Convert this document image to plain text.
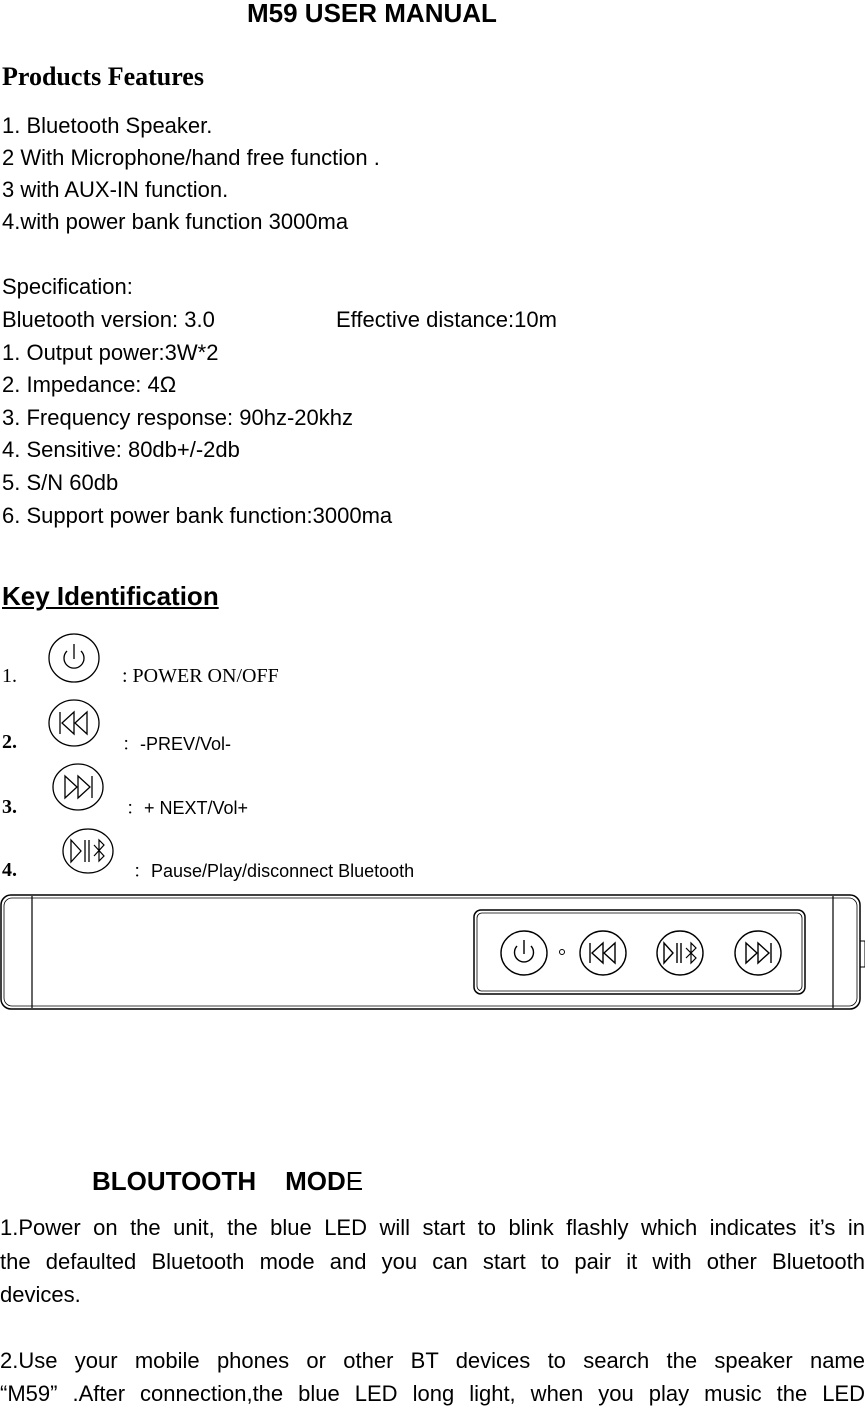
M59 USER MANUAL
Products Features
1. Bluetooth Speaker.
2 With Microphone/hand free function .
3 with AUX-IN function.
4.with power bank function 3000ma
Specification:
Bluetooth version: 3.0	Effective distance:10m
1. Output power:3W*2
2. Impedance: 4Ω
3. Frequency response: 90hz-20khz
4. Sensitive: 80db+/-2db
5. S/N 60db
6. Support power bank function:3000ma
Key Identification
1.	: POWER ON/OFF
2.	：-PREV/Vol-
3.	：+ NEXT/Vol+
4.	：Pause/Play/disconnect Bluetooth
BLOUTOOTH    MODE
1.Power on the unit, the blue LED will start to blink flashly which indicates it’s in
the defaulted Bluetooth mode and you can start to pair it with other Bluetooth
devices.
2.Use your mobile phones or other BT devices to search the speaker name
“M59” .After connection,the blue LED long light, when you play music the LED
